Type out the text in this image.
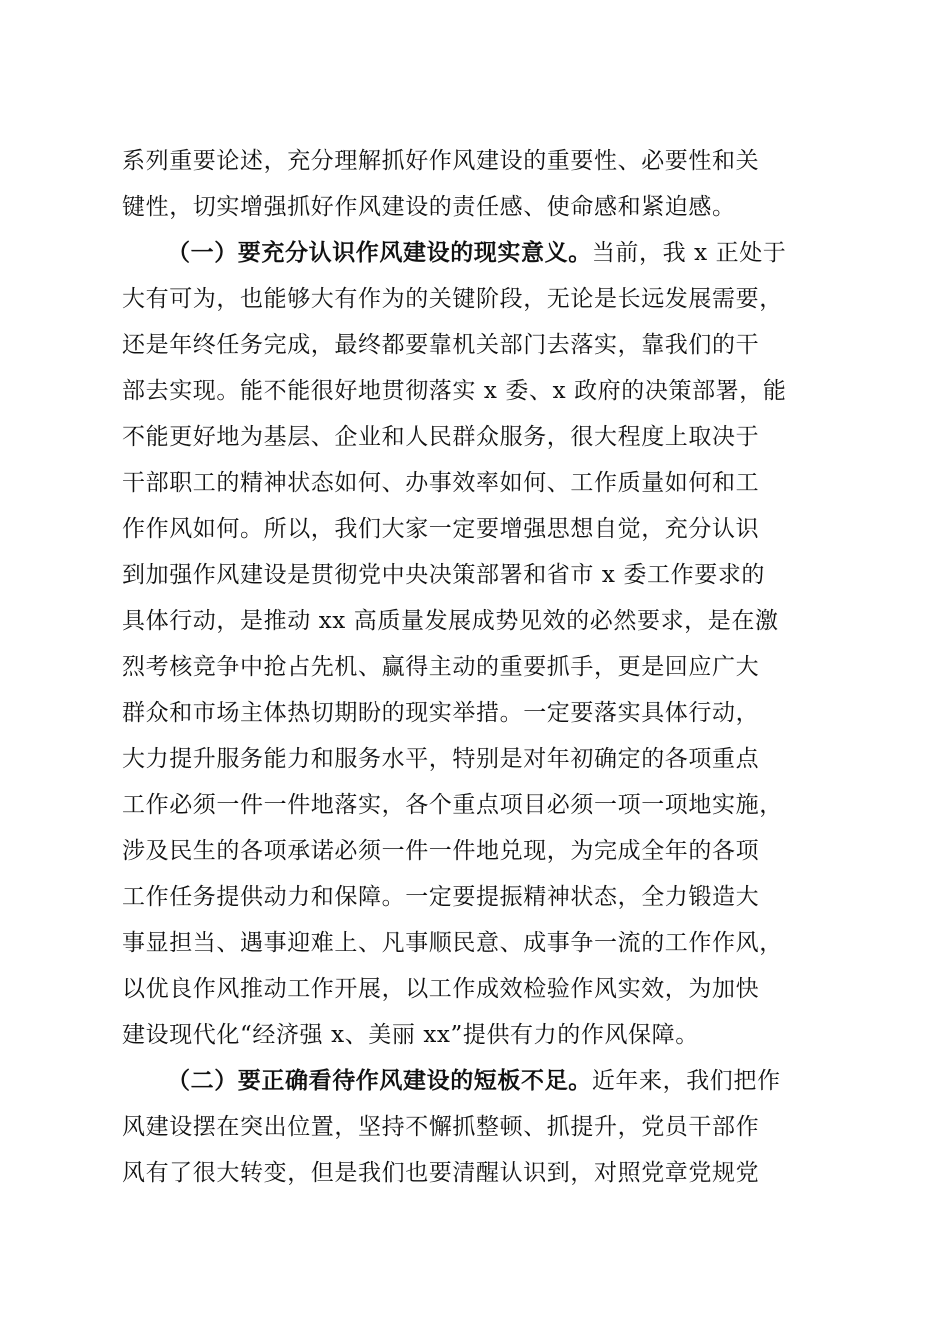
系列重要论述，充分理解抓好作风建设的重要性、必要性和关
键性，切实增强抓好作风建设的责任感、使命感和紧迫感。
（一）要充分认识作风建设的现实意义。当前，我 x 正处于
大有可为，也能够大有作为的关键阶段，无论是长远发展需要，
还是年终任务完成，最终都要靠机关部门去落实，靠我们的干
部去实现。能不能很好地贯彻落实 x 委、x 政府的决策部署，能
不能更好地为基层、企业和人民群众服务，很大程度上取决于
干部职工的精神状态如何、办事效率如何、工作质量如何和工
作作风如何。所以，我们大家一定要增强思想自觉，充分认识
到加强作风建设是贯彻党中央决策部署和省市 x 委工作要求的
具体行动，是推动 xx 高质量发展成势见效的必然要求，是在激
烈考核竞争中抢占先机、赢得主动的重要抓手，更是回应广大
群众和市场主体热切期盼的现实举措。一定要落实具体行动，
大力提升服务能力和服务水平，特别是对年初确定的各项重点
工作必须一件一件地落实，各个重点项目必须一项一项地实施，
涉及民生的各项承诺必须一件一件地兑现，为完成全年的各项
工作任务提供动力和保障。一定要提振精神状态，全力锻造大
事显担当、遇事迎难上、凡事顺民意、成事争一流的工作作风，
以优良作风推动工作开展，以工作成效检验作风实效，为加快
建设现代化“经济强 x、美丽 xx”提供有力的作风保障。
（二）要正确看待作风建设的短板不足。近年来，我们把作
风建设摆在突出位置，坚持不懈抓整顿、抓提升，党员干部作
风有了很大转变，但是我们也要清醒认识到，对照党章党规党
